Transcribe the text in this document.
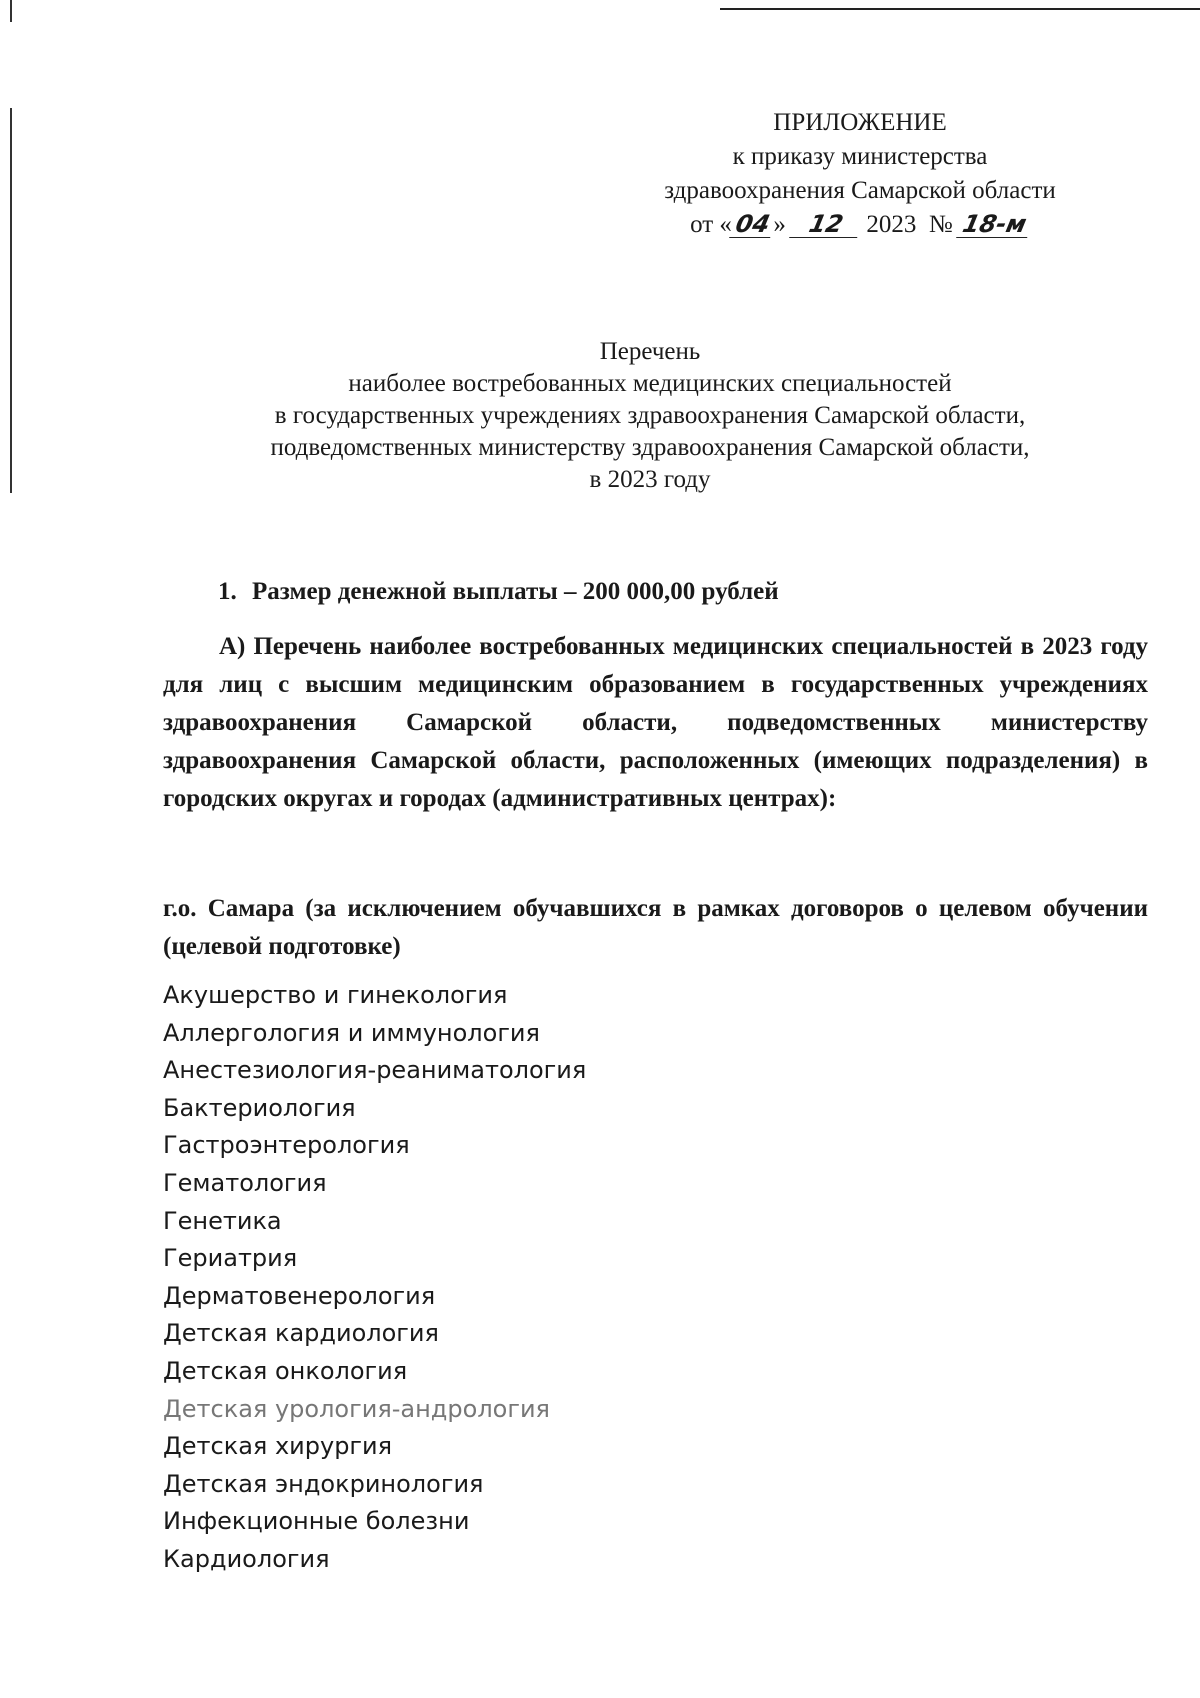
ПРИЛОЖЕНИЕ
к приказу министерства
здравоохранения Самарской области
от «04» 12 2023 № 18-м
Перечень
наиболее востребованных медицинских специальностей
в государственных учреждениях здравоохранения Самарской области,
подведомственных министерству здравоохранения Самарской области,
в 2023 году
1. Размер денежной выплаты – 200 000,00 рублей
А) Перечень наиболее востребованных медицинских специальностей в 2023 году для лиц с высшим медицинским образованием в государственных учреждениях здравоохранения Самарской области, подведомственных министерству здравоохранения Самарской области, расположенных (имеющих подразделения) в городских округах и городах (административных центрах):
г.о. Самара (за исключением обучавшихся в рамках договоров о целевом обучении (целевой подготовке)
Акушерство и гинекология
Аллергология и иммунология
Анестезиология-реаниматология
Бактериология
Гастроэнтерология
Гематология
Генетика
Гериатрия
Дерматовенерология
Детская кардиология
Детская онкология
Детская урология-андрология
Детская хирургия
Детская эндокринология
Инфекционные болезни
Кардиология
